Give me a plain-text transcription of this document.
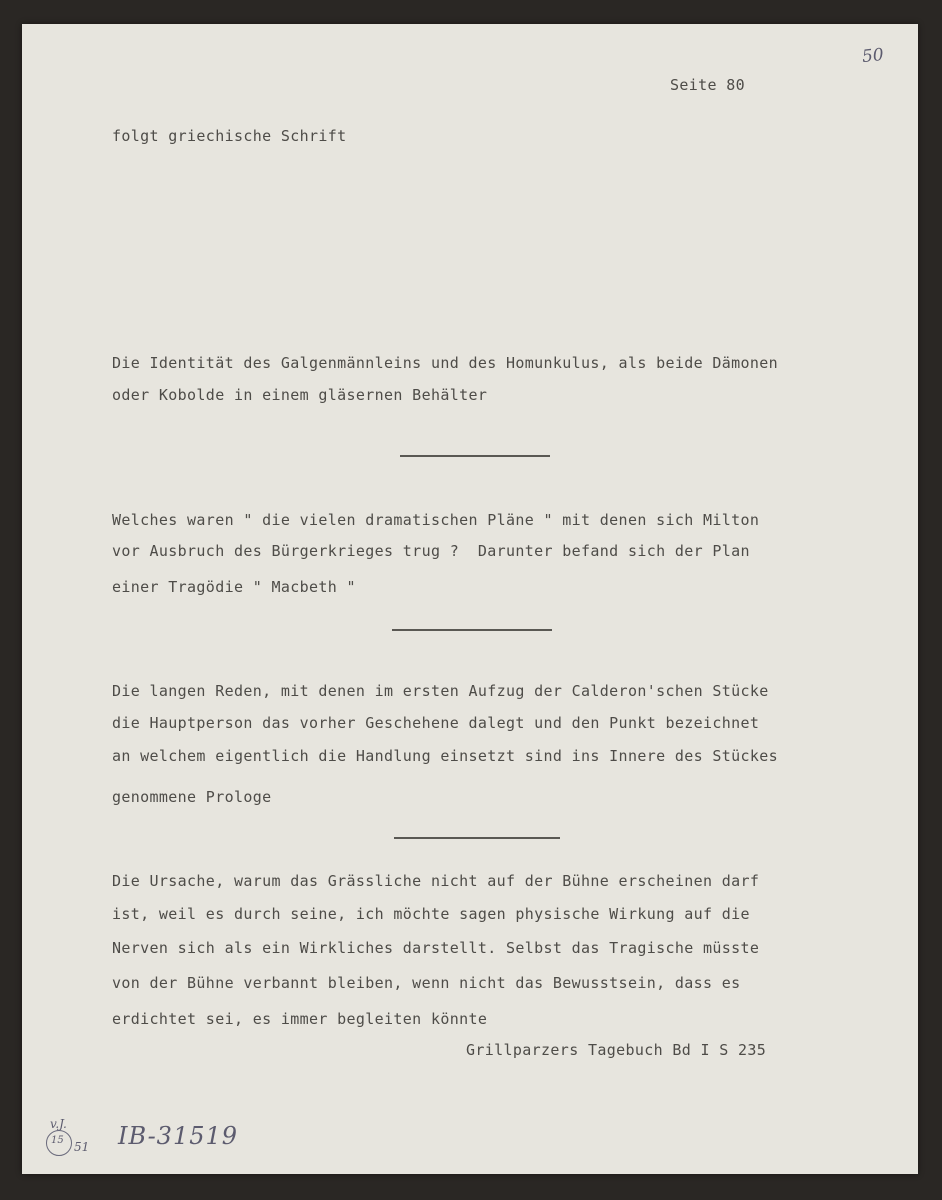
50
Seite 80
folgt griechische Schrift
Die Identität des Galgenmännleins und des Homunkulus, als beide Dämonen
oder Kobolde in einem gläsernen Behälter
Welches waren " die vielen dramatischen Pläne " mit denen sich Milton
vor Ausbruch des Bürgerkrieges trug ?  Darunter befand sich der Plan
einer Tragödie " Macbeth "
Die langen Reden, mit denen im ersten Aufzug der Calderon'schen Stücke
die Hauptperson das vorher Geschehene dalegt und den Punkt bezeichnet
an welchem eigentlich die Handlung einsetzt sind ins Innere des Stückes
genommene Prologe
Die Ursache, warum das Grässliche nicht auf der Bühne erscheinen darf
ist, weil es durch seine, ich möchte sagen physische Wirkung auf die
Nerven sich als ein Wirkliches darstellt. Selbst das Tragische müsste
von der Bühne verbannt bleiben, wenn nicht das Bewusstsein, dass es
erdichtet sei, es immer begleiten könnte
Grillparzers Tagebuch Bd I S 235
v.J.
15 51 IB-31519
